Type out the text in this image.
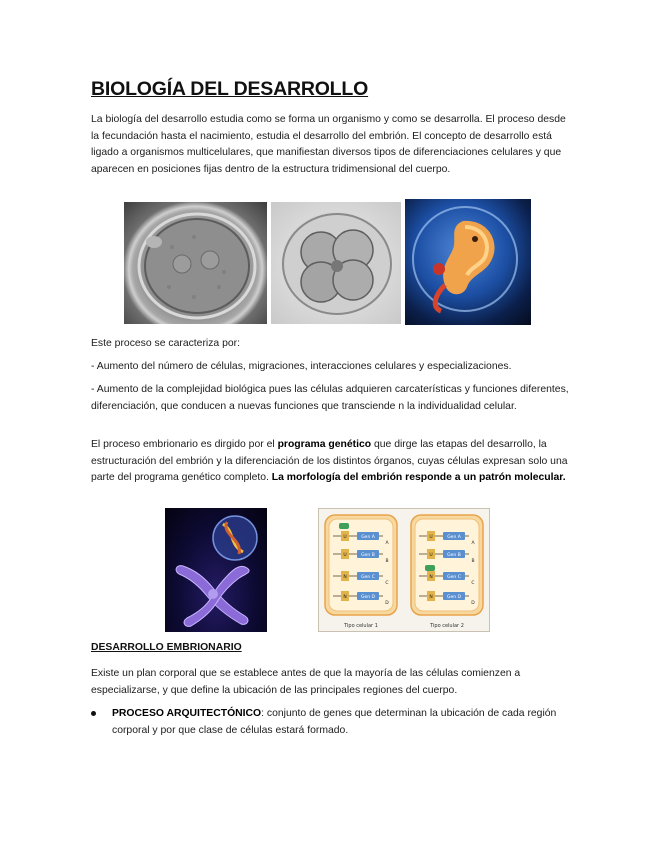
BIOLOGÍA DEL DESARROLLO

La biología del desarrollo estudia como se forma un organismo y como se desarrolla. El proceso desde la fecundación hasta el nacimiento, estudia el desarrollo del embrión. El concepto de desarrollo está ligado a organismos multicelulares, que manifiestan diversos tipos de diferenciaciones celulares y que aparecen en posiciones fijas dentro de la estructura tridimensional del cuerpo.

Este proceso se caracteriza por:

- Aumento del número de células, migraciones, interacciones celulares y especializaciones.

- Aumento de la complejidad biológica pues las células adquieren carcaterísticas y funciones diferentes, diferenciación, que conducen a nuevas funciones que transciende n la individualidad celular.

El proceso embrionario es dirgido por el programa genético que dirge las etapas del desarrollo, la estructuración del embrión y la diferenciación de los distintos órganos, cuyas células expresan solo una parte del programa genético completo. La morfología del embrión responde a un patrón molecular.

Gen A
U
A
Gen B
U
B
Gen C
N
C
Gen D
N
D
Gen A
U
A
Gen B
U
B
Gen C
N
C
Gen D
N
D
Tipo celular 1	Tipo celular 2

DESARROLLO EMBRIONARIO

Existe un plan corporal que se establece antes de que la mayoría de las células comienzen a especializarse, y que define la ubicación de las principales regiones del cuerpo.

PROCESO ARQUITECTÓNICO: conjunto de genes que determinan la ubicación de cada región corporal y por que clase de células estará formado.
